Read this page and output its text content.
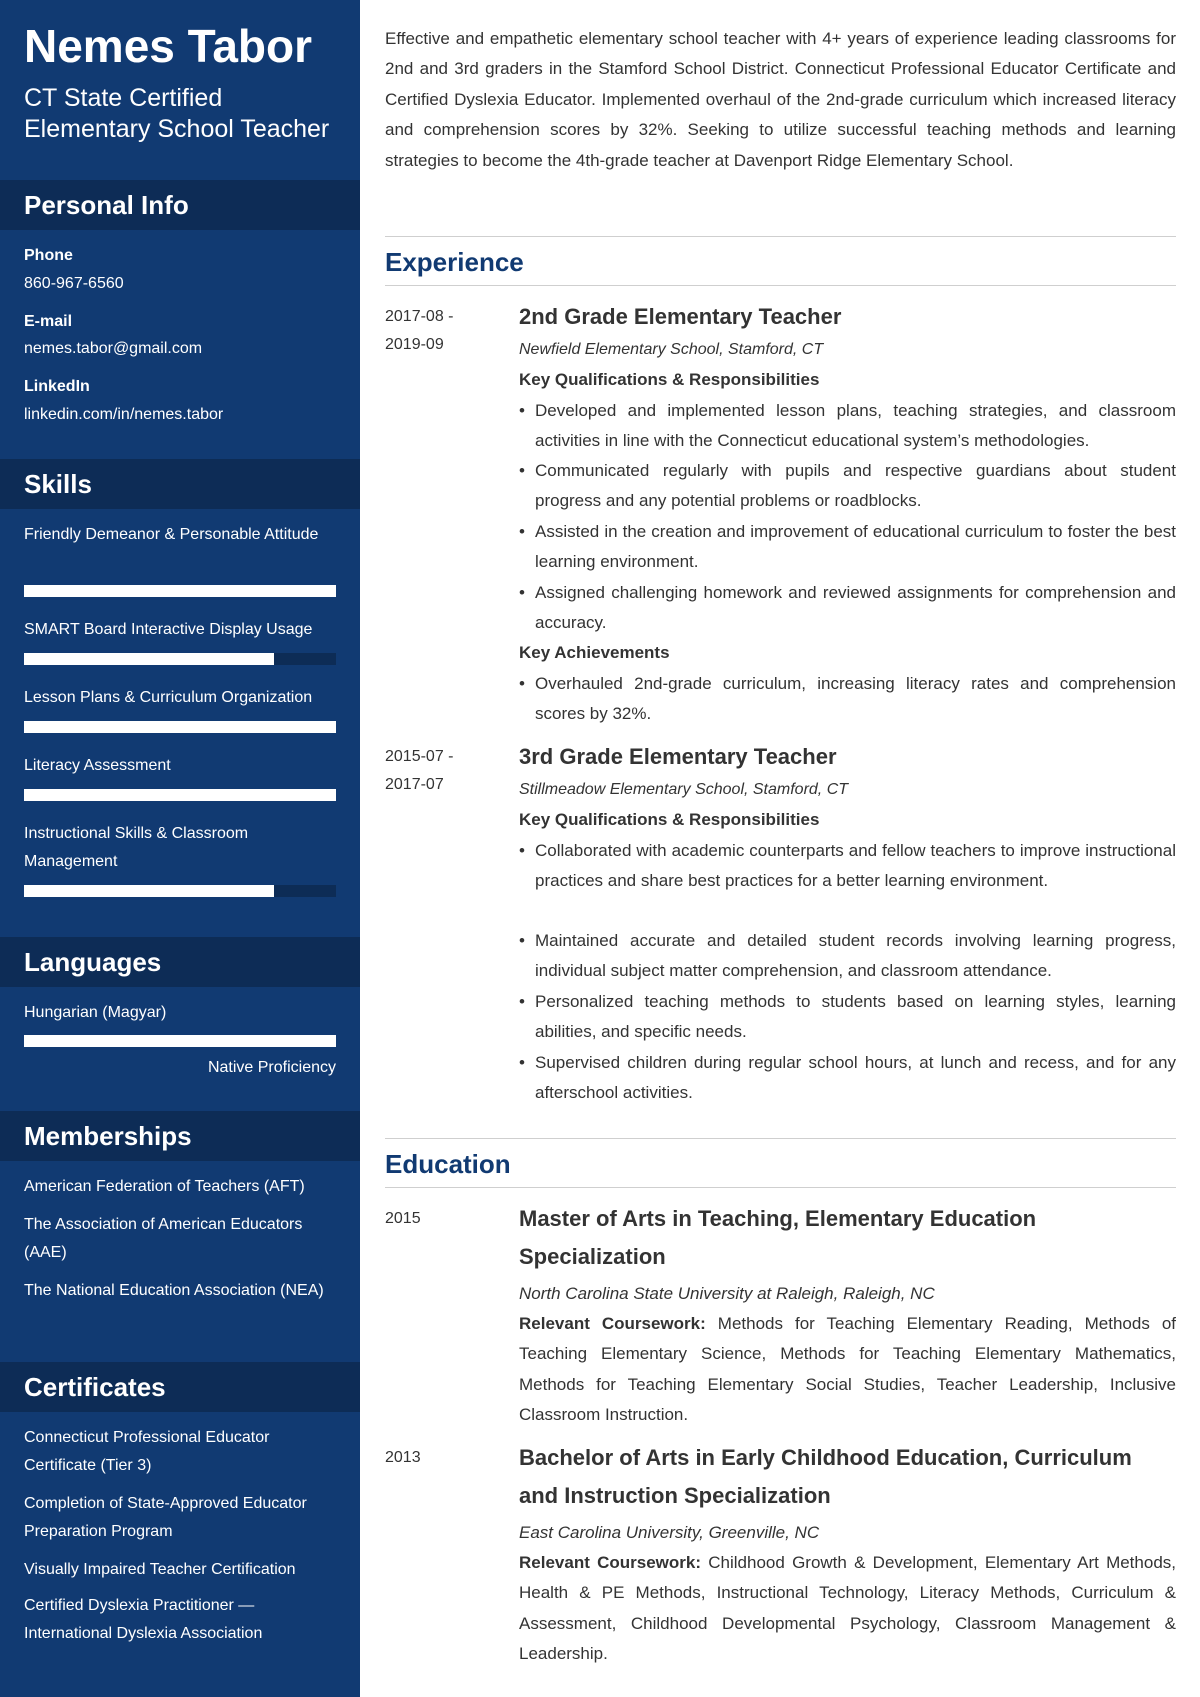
Nemes Tabor
CT State Certified Elementary School Teacher
Personal Info
Phone
860-967-6560
E-mail
nemes.tabor@gmail.com
LinkedIn
linkedin.com/in/nemes.tabor
Skills
Friendly Demeanor & Personable Attitude
SMART Board Interactive Display Usage
Lesson Plans & Curriculum Organization
Literacy Assessment
Instructional Skills & Classroom Management
Languages
Hungarian (Magyar)
Native Proficiency
Memberships
American Federation of Teachers (AFT)
The Association of American Educators (AAE)
The National Education Association (NEA)
Certificates
Connecticut Professional Educator Certificate (Tier 3)
Completion of State-Approved Educator Preparation Program
Visually Impaired Teacher Certification
Certified Dyslexia Practitioner — International Dyslexia Association
Effective and empathetic elementary school teacher with 4+ years of experience leading classrooms for 2nd and 3rd graders in the Stamford School District. Connecticut Professional Educator Certificate and Certified Dyslexia Educator. Implemented overhaul of the 2nd-grade curriculum which increased literacy and comprehension scores by 32%. Seeking to utilize successful teaching methods and learning strategies to become the 4th-grade teacher at Davenport Ridge Elementary School.
Experience
2017-08 - 2019-09
2nd Grade Elementary Teacher
Newfield Elementary School, Stamford, CT
Key Qualifications & Responsibilities
• Developed and implemented lesson plans, teaching strategies, and classroom activities in line with the Connecticut educational system’s methodologies.
• Communicated regularly with pupils and respective guardians about student progress and any potential problems or roadblocks.
• Assisted in the creation and improvement of educational curriculum to foster the best learning environment.
• Assigned challenging homework and reviewed assignments for comprehension and accuracy.
Key Achievements
• Overhauled 2nd-grade curriculum, increasing literacy rates and comprehension scores by 32%.
2015-07 - 2017-07
3rd Grade Elementary Teacher
Stillmeadow Elementary School, Stamford, CT
Key Qualifications & Responsibilities
• Collaborated with academic counterparts and fellow teachers to improve instructional practices and share best practices for a better learning environment.
• Maintained accurate and detailed student records involving learning progress, individual subject matter comprehension, and classroom attendance.
• Personalized teaching methods to students based on learning styles, learning abilities, and specific needs.
• Supervised children during regular school hours, at lunch and recess, and for any afterschool activities.
Education
2015	Master of Arts in Teaching, Elementary Education Specialization
North Carolina State University at Raleigh, Raleigh, NC
Relevant Coursework: Methods for Teaching Elementary Reading, Methods of Teaching Elementary Science, Methods for Teaching Elementary Mathematics, Methods for Teaching Elementary Social Studies, Teacher Leadership, Inclusive Classroom Instruction.
2013	Bachelor of Arts in Early Childhood Education, Curriculum and Instruction Specialization
East Carolina University, Greenville, NC
Relevant Coursework: Childhood Growth & Development, Elementary Art Methods, Health & PE Methods, Instructional Technology, Literacy Methods, Curriculum & Assessment, Childhood Developmental Psychology, Classroom Management & Leadership.
